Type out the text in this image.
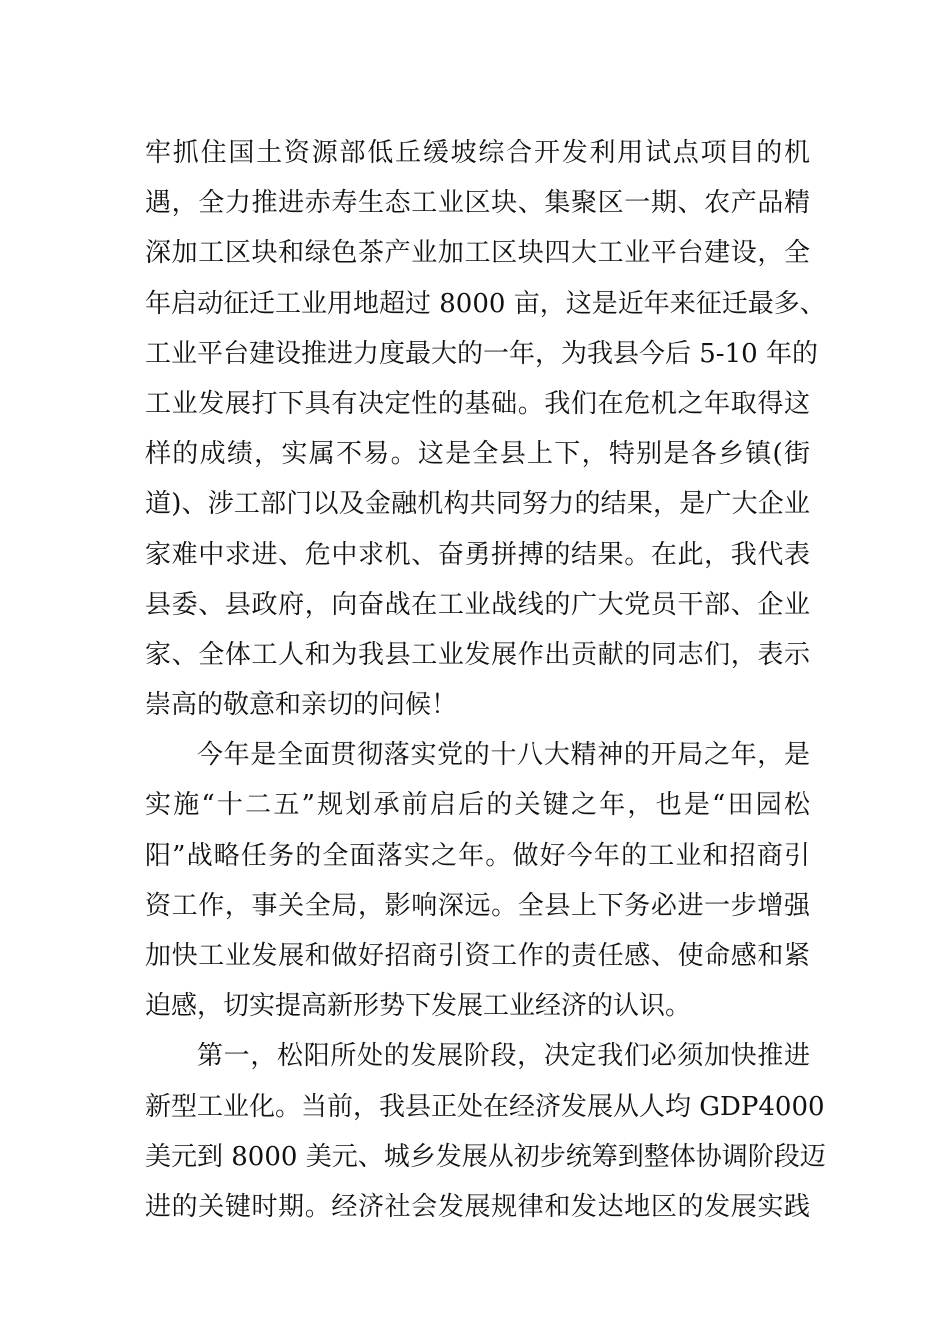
牢抓住国土资源部低丘缓坡综合开发利用试点项目的机
遇，全力推进赤寿生态工业区块、集聚区一期、农产品精
深加工区块和绿色茶产业加工区块四大工业平台建设，全
年启动征迁工业用地超过 8000 亩，这是近年来征迁最多、
工业平台建设推进力度最大的一年，为我县今后 5-10 年的
工业发展打下具有决定性的基础。我们在危机之年取得这
样的成绩，实属不易。这是全县上下，特别是各乡镇(街
道)、涉工部门以及金融机构共同努力的结果，是广大企业
家难中求进、危中求机、奋勇拼搏的结果。在此，我代表
县委、县政府，向奋战在工业战线的广大党员干部、企业
家、全体工人和为我县工业发展作出贡献的同志们，表示
崇高的敬意和亲切的问候！
今年是全面贯彻落实党的十八大精神的开局之年，是
实施“十二五”规划承前启后的关键之年，也是“田园松
阳”战略任务的全面落实之年。做好今年的工业和招商引
资工作，事关全局，影响深远。全县上下务必进一步增强
加快工业发展和做好招商引资工作的责任感、使命感和紧
迫感，切实提高新形势下发展工业经济的认识。
第一，松阳所处的发展阶段，决定我们必须加快推进
新型工业化。当前，我县正处在经济发展从人均 GDP4000
美元到 8000 美元、城乡发展从初步统筹到整体协调阶段迈
进的关键时期。经济社会发展规律和发达地区的发展实践
